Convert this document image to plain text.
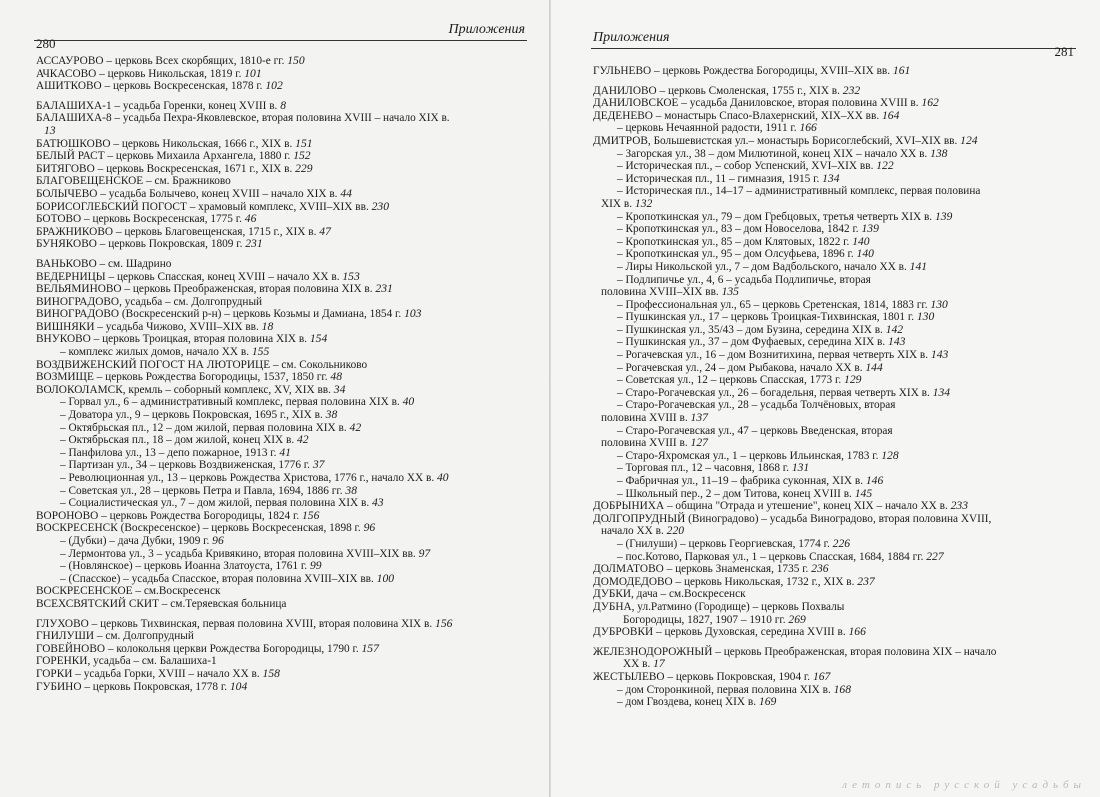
280
Приложения
АССАУРОВО – церковь Всех скорбящих, 1810-е гг. 150
АЧКАСОВО – церковь Никольская, 1819 г. 101
АШИТКОВО – церковь Воскресенская, 1878 г. 102
БАЛАШИХА-1 – усадьба Горенки, конец XVIII в. 8
БАЛАШИХА-8 – усадьба Пехра-Яковлевское, вторая половина XVIII – начало XIX в.
13
БАТЮШКОВО – церковь Никольская, 1666 г., XIX в. 151
БЕЛЫЙ РАСТ – церковь Михаила Архангела, 1880 г. 152
БИТЯГОВО – церковь Воскресенская, 1671 г., XIX в. 229
БЛАГОВЕЩЕНСКОЕ – см. Бражниково
БОЛЫЧЕВО – усадьба Болычево, конец XVIII – начало XIX в. 44
БОРИСОГЛЕБСКИЙ ПОГОСТ – храмовый комплекс, XVIII–XIX вв. 230
БОТОВО – церковь Воскресенская, 1775 г. 46
БРАЖНИКОВО – церковь Благовещенская, 1715 г., XIX в. 47
БУНЯКОВО – церковь Покровская, 1809 г. 231
ВАНЬКОВО – см. Шадрино
ВЕДЕРНИЦЫ – церковь Спасская, конец XVIII – начало XX в. 153
ВЕЛЬЯМИНОВО – церковь Преображенская, вторая половина XIX в. 231
ВИНОГРАДОВО, усадьба – см. Долгопрудный
ВИНОГРАДОВО (Воскресенский р-н) – церковь Козьмы и Дамиана, 1854 г. 103
ВИШНЯКИ – усадьба Чижово, XVIII–XIX вв. 18
ВНУКОВО – церковь Троицкая, вторая половина XIX в. 154
– комплекс жилых домов, начало XX в. 155
ВОЗДВИЖЕНСКИЙ ПОГОСТ НА ЛЮТОРИЦЕ – см. Сокольниково
ВОЗМИЩЕ – церковь Рождества Богородицы, 1537, 1850 гг. 48
ВОЛОКОЛАМСК, кремль – соборный комплекс, XV, XIX вв. 34
– Горвал ул., 6 – административный комплекс, первая половина XIX в. 40
– Доватора ул., 9 – церковь Покровская, 1695 г., XIX в. 38
– Октябрьская пл., 12 – дом жилой, первая половина XIX в. 42
– Октябрьская пл., 18 – дом жилой, конец XIX в. 42
– Панфилова ул., 13 – депо пожарное, 1913 г. 41
– Партизан ул., 34 – церковь Воздвиженская, 1776 г. 37
– Революционная ул., 13 – церковь Рождества Христова, 1776 г., начало XX в. 40
– Советская ул., 28 – церковь Петра и Павла, 1694, 1886 гг. 38
– Социалистическая ул., 7 – дом жилой, первая половина XIX в. 43
ВОРОНОВО – церковь Рождества Богородицы, 1824 г. 156
ВОСКРЕСЕНСК (Воскресенское) – церковь Воскресенская, 1898 г. 96
– (Дубки) – дача Дубки, 1909 г. 96
– Лермонтова ул., 3 – усадьба Кривякино, вторая половина XVIII–XIX вв. 97
– (Новлянское) – церковь Иоанна Златоуста, 1761 г. 99
– (Спасское) – усадьба Спасское, вторая половина XVIII–XIX вв. 100
ВОСКРЕСЕНСКОЕ – см.Воскресенск
ВСЕХСВЯТСКИЙ СКИТ – см.Теряевская больница
ГЛУХОВО – церковь Тихвинская, первая половина XVIII, вторая половина XIX в. 156
ГНИЛУШИ – см. Долгопрудный
ГОВЕЙНОВО – колокольня церкви Рождества Богородицы, 1790 г. 157
ГОРЕНКИ, усадьба – см. Балашиха-1
ГОРКИ – усадьба Горки, XVIII – начало XX в. 158
ГУБИНО – церковь Покровская, 1778 г. 104
Приложения
281
ГУЛЬНЕВО – церковь Рождества Богородицы, XVIII–XIX вв. 161
ДАНИЛОВО – церковь Смоленская, 1755 г., XIX в. 232
ДАНИЛОВСКОЕ – усадьба Даниловское, вторая половина XVIII в. 162
ДЕДЕНЕВО – монастырь Спасо-Влахернский, XIX–XX вв. 164
– церковь Нечаянной радости, 1911 г. 166
ДМИТРОВ, Большевистская ул.– монастырь Борисоглебский, XVI–XIX вв. 124
– Загорская ул., 38 – дом Милютиной, конец XIX – начало XX в. 138
– Историческая пл., – собор Успенский, XVI–XIX вв. 122
– Историческая пл., 11 – гимназия, 1915 г. 134
– Историческая пл., 14–17 – административный комплекс, первая половина
XIX в. 132
– Кропоткинская ул., 79 – дом Гребцовых, третья четверть XIX в. 139
– Кропоткинская ул., 83 – дом Новоселова, 1842 г. 139
– Кропоткинская ул., 85 – дом Клятовых, 1822 г. 140
– Кропоткинская ул., 95 – дом Олсуфьева, 1896 г. 140
– Лиры Никольской ул., 7 – дом Вадбольского, начало XX в. 141
– Подлипичье ул., 4, 6 – усадьба Подлипичье, вторая
половина XVIII–XIX вв. 135
– Профессиональная ул., 65 – церковь Сретенская, 1814, 1883 гг. 130
– Пушкинская ул., 17 – церковь Троицкая-Тихвинская, 1801 г. 130
– Пушкинская ул., 35/43 – дом Бузина, середина XIX в. 142
– Пушкинская ул., 37 – дом Фуфаевых, середина XIX в. 143
– Рогачевская ул., 16 – дом Вознитихина, первая четверть XIX в. 143
– Рогачевская ул., 24 – дом Рыбакова, начало XX в. 144
– Советская ул., 12 – церковь Спасская, 1773 г. 129
– Старо-Рогачевская ул., 26 – богадельня, первая четверть XIX в. 134
– Старо-Рогачевская ул., 28 – усадьба Толчёновых, вторая
половина XVIII в. 137
– Старо-Рогачевская ул., 47 – церковь Введенская, вторая
половина XVIII в. 127
– Старо-Яхромская ул., 1 – церковь Ильинская, 1783 г. 128
– Торговая пл., 12 – часовня, 1868 г. 131
– Фабричная ул., 11–19 – фабрика суконная, XIX в. 146
– Школьный пер., 2 – дом Титова, конец XVIII в. 145
ДОБРЫНИХА – община "Отрада и утешение", конец XIX – начало XX в. 233
ДОЛГОПРУДНЫЙ (Виноградово) – усадьба Виноградово, вторая половина XVIII,
начало XX в. 220
– (Гнилуши) – церковь Георгиевская, 1774 г. 226
– пос.Котово, Парковая ул., 1 – церковь Спасская, 1684, 1884 гг. 227
ДОЛМАТОВО – церковь Знаменская, 1735 г. 236
ДОМОДЕДОВО – церковь Никольская, 1732 г., XIX в. 237
ДУБКИ, дача – см.Воскресенск
ДУБНА, ул.Ратмино (Городище) – церковь Похвалы
Богородицы, 1827, 1907 – 1910 гг. 269
ДУБРОВКИ – церковь Духовская, середина XVIII в. 166
ЖЕЛЕЗНОДОРОЖНЫЙ – церковь Преображенская, вторая половина XIX – начало
XX в. 17
ЖЕСТЫЛЕВО – церковь Покровская, 1904 г. 167
– дом Сторонкиной, первая половина XIX в. 168
– дом Гвоздева, конец XIX в. 169
летопись русской усадьбы
